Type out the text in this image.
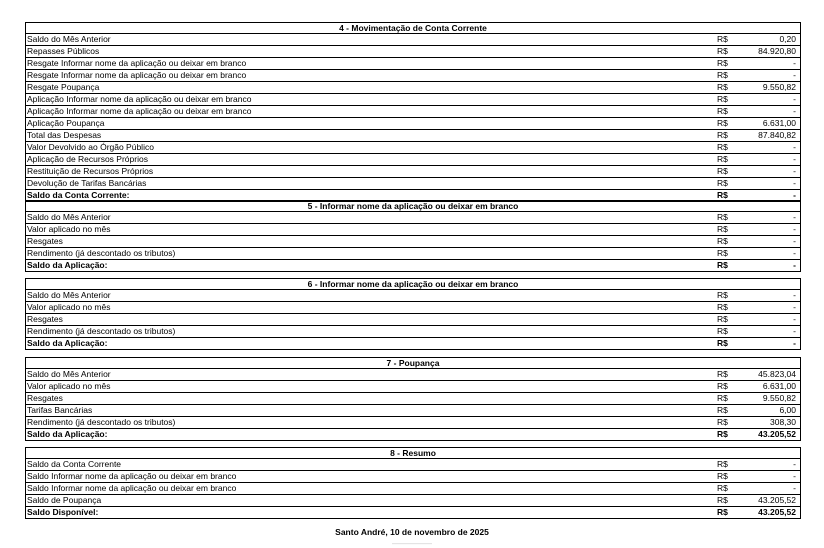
4 - Movimentação de Conta Corrente
Saldo do Mês Anterior	R$	0,20
Repasses Públicos	R$	84.920,80
Resgate Informar nome da aplicação ou deixar em branco	R$	-
Resgate Informar nome da aplicação ou deixar em branco	R$	-
Resgate Poupança	R$	9.550,82
Aplicação Informar nome da aplicação ou deixar em branco	R$	-
Aplicação Informar nome da aplicação ou deixar em branco	R$	-
Aplicação Poupança	R$	6.631,00
Total das Despesas	R$	87.840,82
Valor Devolvido ao Órgão Público	R$	-
Aplicação de Recursos Próprios	R$	-
Restituição de Recursos Próprios	R$	-
Devolução de Tarifas Bancárias	R$	-
Saldo da Conta Corrente:	R$	-
5 - Informar nome da aplicação ou deixar em branco
Saldo do Mês Anterior	R$	-
Valor aplicado no mês	R$	-
Resgates	R$	-
Rendimento (já descontado os tributos)	R$	-
Saldo da Aplicação:	R$	-
6 - Informar nome da aplicação ou deixar em branco
Saldo do Mês Anterior	R$	-
Valor aplicado no mês	R$	-
Resgates	R$	-
Rendimento (já descontado os tributos)	R$	-
Saldo da Aplicação:	R$	-
7 - Poupança
Saldo do Mês Anterior	R$	45.823,04
Valor aplicado no mês	R$	6.631,00
Resgates	R$	9.550,82
Tarifas Bancárias	R$	6,00
Rendimento (já descontado os tributos)	R$	308,30
Saldo da Aplicação:	R$	43.205,52
8 - Resumo
Saldo da Conta Corrente	R$	-
Saldo Informar nome da aplicação ou deixar em branco	R$	-
Saldo Informar nome da aplicação ou deixar em branco	R$	-
Saldo de Poupança	R$	43.205,52
Saldo Disponível:	R$	43.205,52
Santo André, 10 de novembro de 2025
—————
